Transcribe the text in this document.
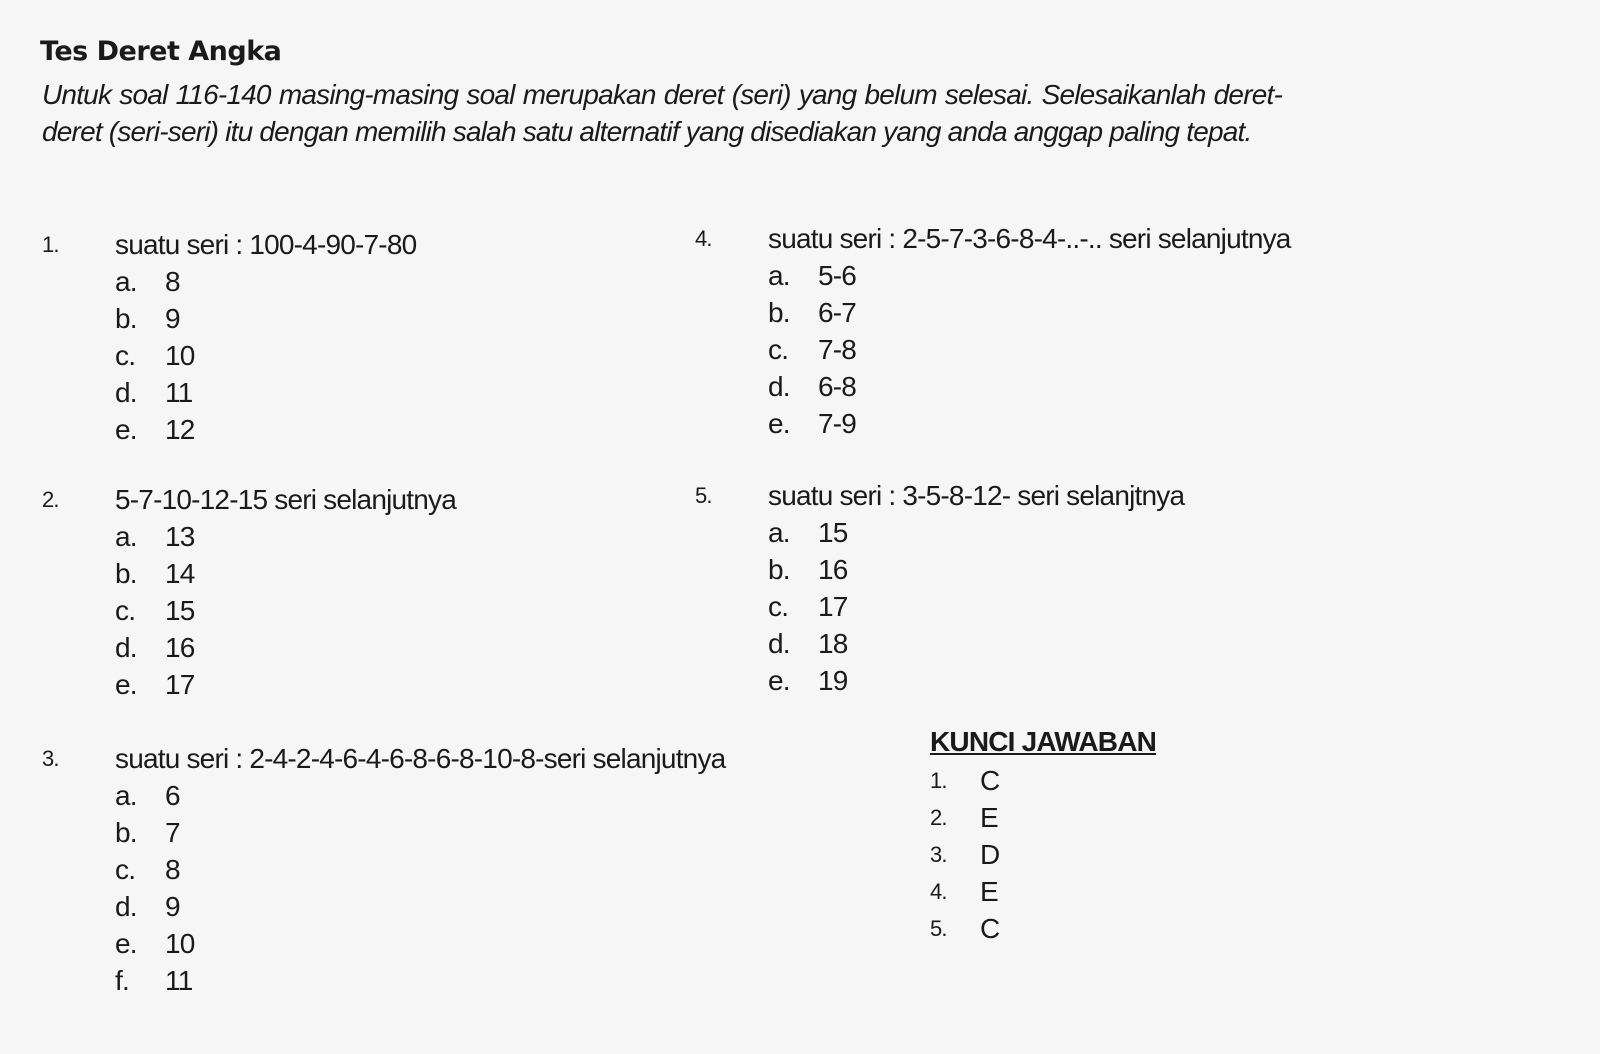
Tes Deret Angka
Untuk soal 116-140 masing-masing soal merupakan deret (seri) yang belum selesai. Selesaikanlah deret-deret (seri-seri) itu dengan memilih salah satu alternatif yang disediakan yang anda anggap paling tepat.
1.	suatu seri : 100-4-90-7-80
a.	8
b.	9
c.	10
d.	11
e.	12
2.	5-7-10-12-15 seri selanjutnya
a.	13
b.	14
c.	15
d.	16
e.	17
3.	suatu seri : 2-4-2-4-6-4-6-8-6-8-10-8-seri selanjutnya
a.	6
b.	7
c.	8
d.	9
e.	10
f.	11
4.	suatu seri : 2-5-7-3-6-8-4-..-.. seri selanjutnya
a.	5-6
b.	6-7
c.	7-8
d.	6-8
e.	7-9
5.	suatu seri : 3-5-8-12- seri selanjtnya
a.	15
b.	16
c.	17
d.	18
e.	19
KUNCI JAWABAN
1.	C
2.	E
3.	D
4.	E
5.	C
